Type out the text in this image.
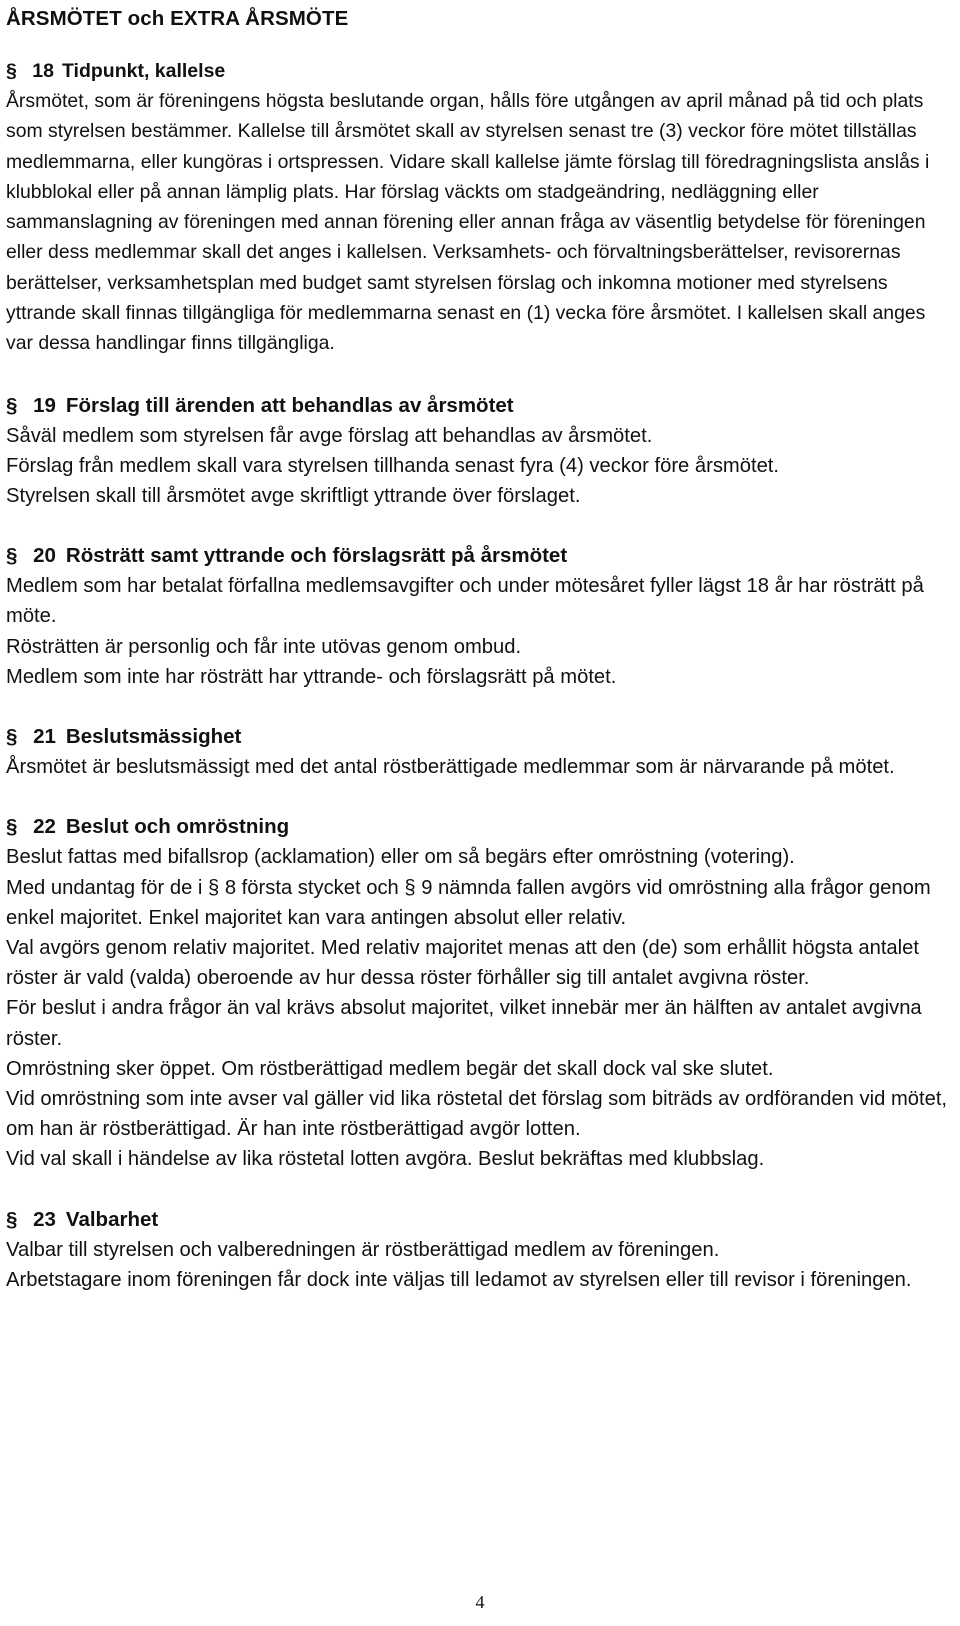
ÅRSMÖTET och EXTRA ÅRSMÖTE
§ 18 Tidpunkt, kallelse

Årsmötet, som är föreningens högsta beslutande organ, hålls före utgången av april månad på tid och plats som styrelsen bestämmer. Kallelse till årsmötet skall av styrelsen senast tre (3) veckor före mötet tillställas medlemmarna, eller kungöras i ortspressen. Vidare skall kallelse jämte förslag till föredragningslista anslås i klubblokal eller på annan lämplig plats. Har förslag väckts om stadgeändring, nedläggning eller sammanslagning av föreningen med annan förening eller annan fråga av väsentlig betydelse för föreningen eller dess medlemmar skall det anges i kallelsen. Verksamhets- och förvaltningsberättelser, revisorernas berättelser, verksamhetsplan med budget samt styrelsen förslag och inkomna motioner med styrelsens yttrande skall finnas tillgängliga för medlemmarna senast en (1) vecka före årsmötet. I kallelsen skall anges var dessa handlingar finns tillgängliga.

§ 19 Förslag till ärenden att behandlas av årsmötet

Såväl medlem som styrelsen får avge förslag att behandlas av årsmötet.

Förslag från medlem skall vara styrelsen tillhanda senast fyra (4) veckor före årsmötet.

Styrelsen skall till årsmötet avge skriftligt yttrande över förslaget.

§ 20 Rösträtt samt yttrande och förslagsrätt på årsmötet

Medlem som har betalat förfallna medlemsavgifter och under mötesåret fyller lägst 18 år har rösträtt på möte.

Rösträtten är personlig och får inte utövas genom ombud.

Medlem som inte har rösträtt har yttrande- och förslagsrätt på mötet.

§ 21 Beslutsmässighet

Årsmötet är beslutsmässigt med det antal röstberättigade medlemmar som är närvarande på mötet.

§ 22 Beslut och omröstning

Beslut fattas med bifallsrop (acklamation) eller om så begärs efter omröstning (votering).

Med undantag för de i § 8 första stycket och § 9 nämnda fallen avgörs vid omröstning alla frågor genom enkel majoritet. Enkel majoritet kan vara antingen absolut eller relativ.

Val avgörs genom relativ majoritet. Med relativ majoritet menas att den (de) som erhållit högsta antalet röster är vald (valda) oberoende av hur dessa röster förhåller sig till antalet avgivna röster.

För beslut i andra frågor än val krävs absolut majoritet, vilket innebär mer än hälften av antalet avgivna röster.

Omröstning sker öppet. Om röstberättigad medlem begär det skall dock val ske slutet.

Vid omröstning som inte avser val gäller vid lika röstetal det förslag som biträds av ordföranden vid mötet, om han är röstberättigad. Är han inte röstberättigad avgör lotten.

Vid val skall i händelse av lika röstetal lotten avgöra. Beslut bekräftas med klubbslag.

§ 23 Valbarhet

Valbar till styrelsen och valberedningen är röstberättigad medlem av föreningen.

Arbetstagare inom föreningen får dock inte väljas till ledamot av styrelsen eller till revisor i föreningen.

4
